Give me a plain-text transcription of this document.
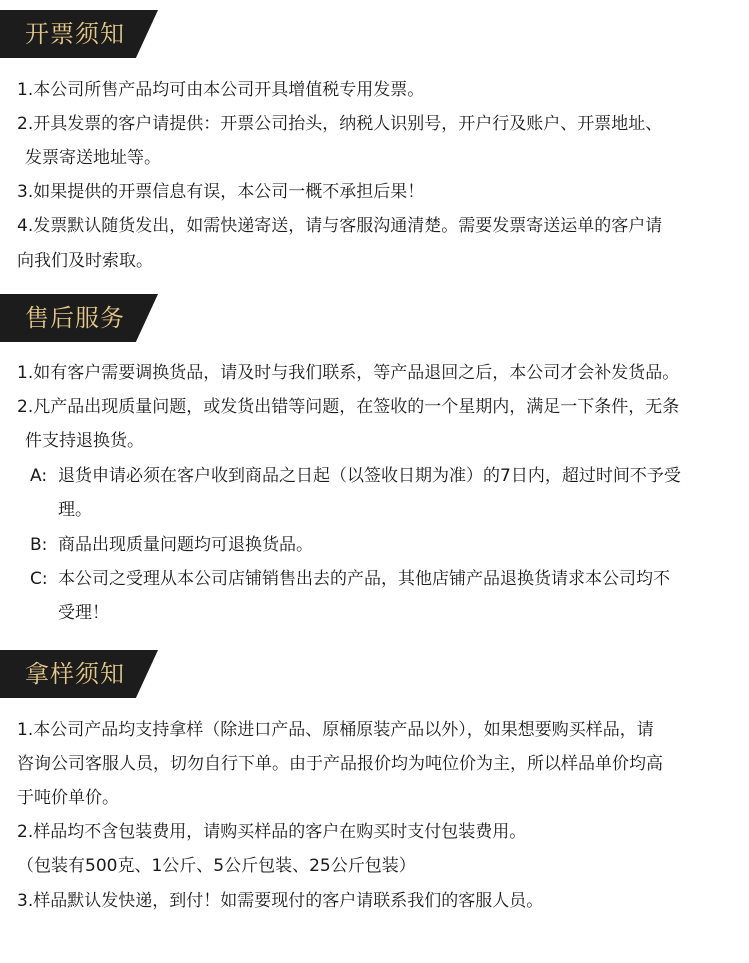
开票须知
1.本公司所售产品均可由本公司开具增值税专用发票。
2.开具发票的客户请提供：开票公司抬头，纳税人识别号，开户行及账户、开票地址、
发票寄送地址等。
3.如果提供的开票信息有误，本公司一概不承担后果！
4.发票默认随货发出，如需快递寄送，请与客服沟通清楚。需要发票寄送运单的客户请
向我们及时索取。
售后服务
1.如有客户需要调换货品，请及时与我们联系，等产品退回之后，本公司才会补发货品。
2.凡产品出现质量问题，或发货出错等问题，在签收的一个星期内，满足一下条件，无条
件支持退换货。
A: 退货申请必须在客户收到商品之日起（以签收日期为准）的7日内，超过时间不予受
理。
B: 商品出现质量问题均可退换货品。
C: 本公司之受理从本公司店铺销售出去的产品，其他店铺产品退换货请求本公司均不
受理！
拿样须知
1.本公司产品均支持拿样（除进口产品、原桶原装产品以外），如果想要购买样品，请
咨询公司客服人员，切勿自行下单。由于产品报价均为吨位价为主，所以样品单价均高
于吨价单价。
2.样品均不含包装费用，请购买样品的客户在购买时支付包装费用。
（包装有500克、1公斤、5公斤包装、25公斤包装）
3.样品默认发快递，到付！如需要现付的客户请联系我们的客服人员。
